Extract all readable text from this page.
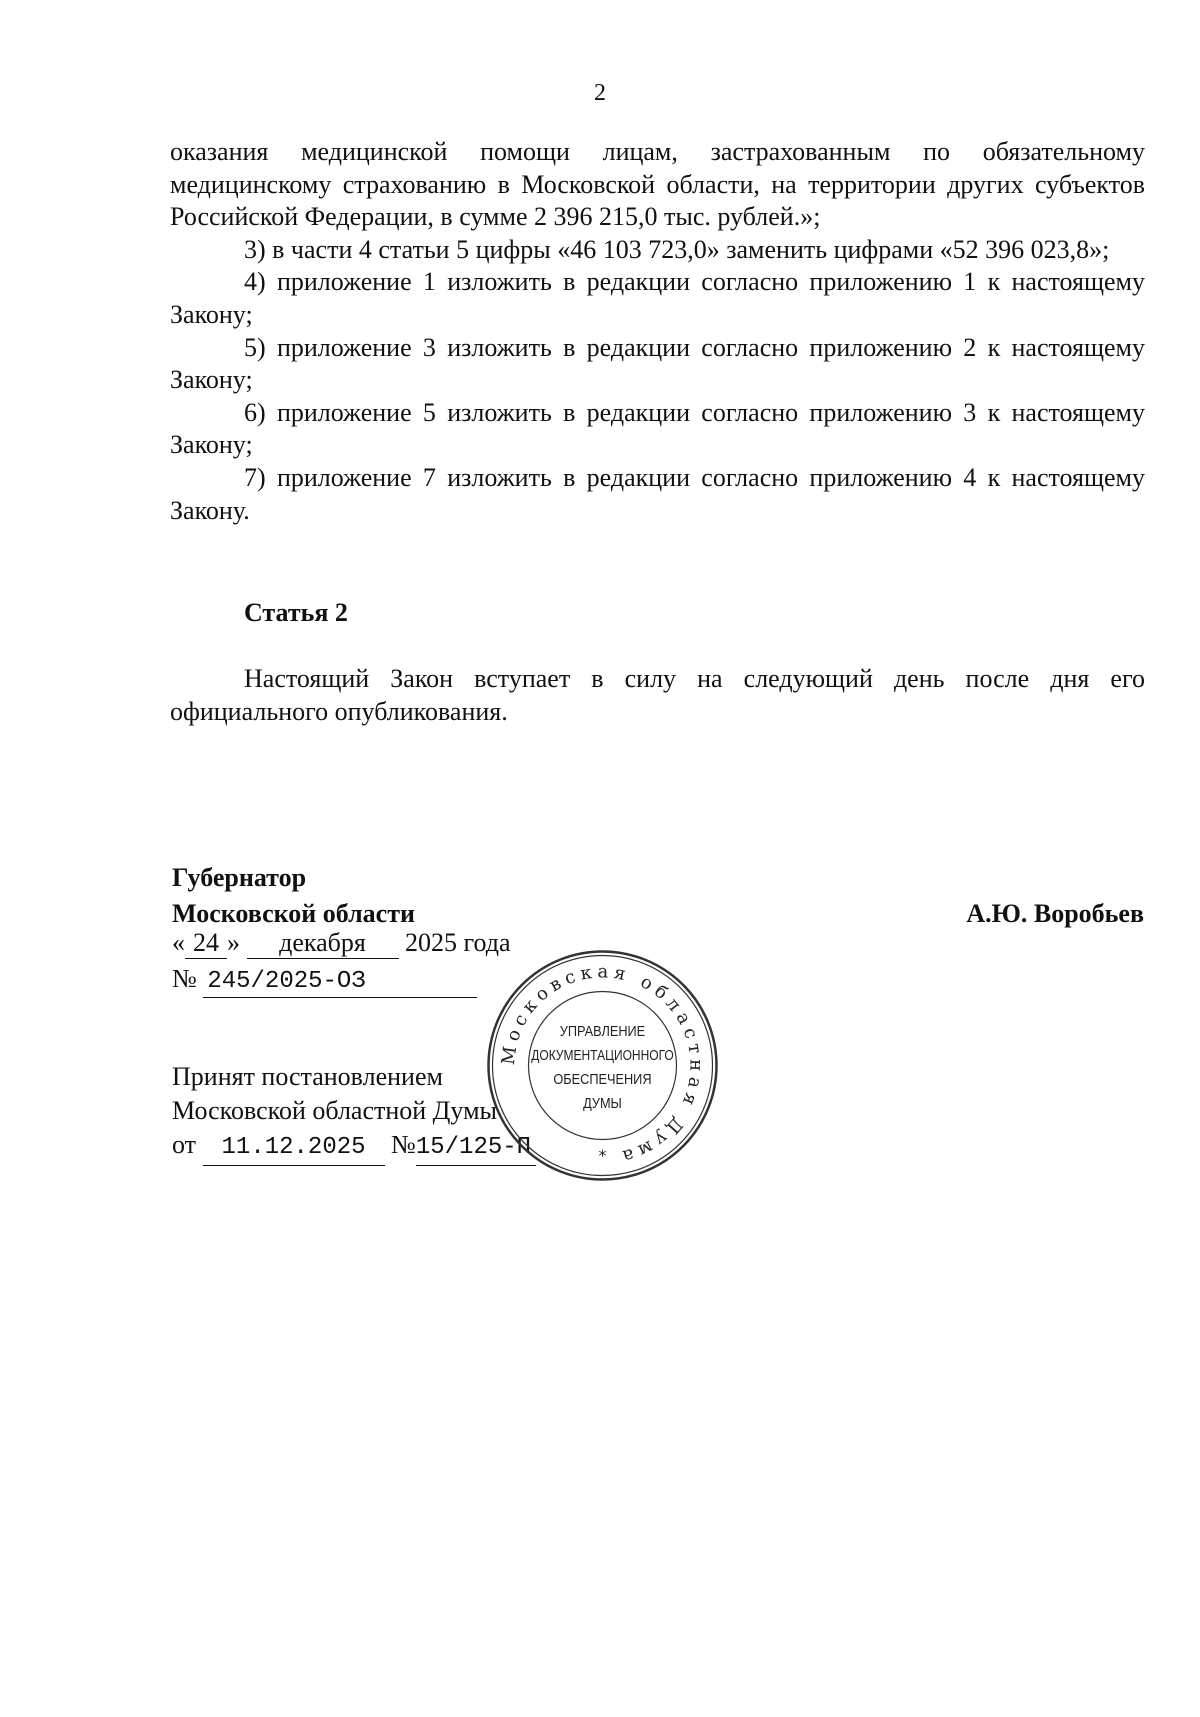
2

оказания медицинской помощи лицам, застрахованным по обязательному медицинскому страхованию в Московской области, на территории других субъектов Российской Федерации, в сумме 2 396 215,0 тыс. рублей.»;

3) в части 4 статьи 5 цифры «46 103 723,0» заменить цифрами «52 396 023,8»;

4) приложение 1 изложить в редакции согласно приложению 1 к настоящему Закону;

5) приложение 3 изложить в редакции согласно приложению 2 к настоящему Закону;

6) приложение 5 изложить в редакции согласно приложению 3 к настоящему Закону;

7) приложение 7 изложить в редакции согласно приложению 4 к настоящему Закону.

Статья 2

Настоящий Закон вступает в силу на следующий день после дня его официального опубликования.

Губернатор
Московской области	А.Ю. Воробьев
« 24 » декабря 2025 года
№ 245/2025-ОЗ
Принят постановлением
Московской областной Думы
от 11.12.2025 №15/125-П
Московская областная Дума
УПРАВЛЕНИЕ
ДОКУМЕНТАЦИОННОГО
ОБЕСПЕЧЕНИЯ
ДУМЫ
*
